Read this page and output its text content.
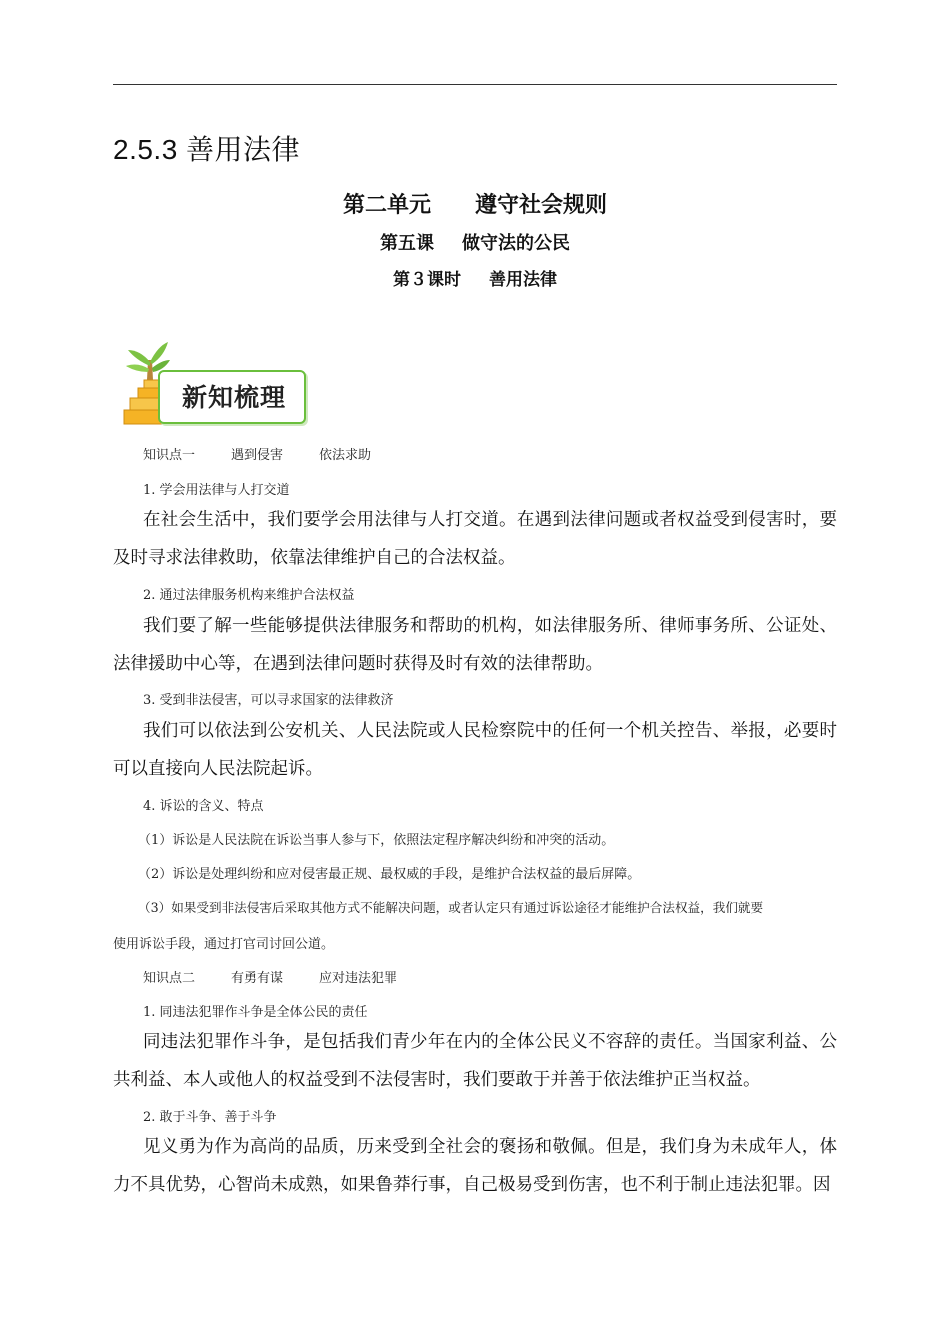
2.5.3 善用法律
第二单元 遵守社会规则
第五课 做守法的公民
第３课时 善用法律
新知梳理
知识点一	遇到侵害	依法求助
1. 学会用法律与人打交道
在社会生活中，我们要学会用法律与人打交道。在遇到法律问题或者权益受到侵害时，要及时寻求法律救助，依靠法律维护自己的合法权益。
2. 通过法律服务机构来维护合法权益
我们要了解一些能够提供法律服务和帮助的机构，如法律服务所、律师事务所、公证处、法律援助中心等，在遇到法律问题时获得及时有效的法律帮助。
3. 受到非法侵害，可以寻求国家的法律救济
我们可以依法到公安机关、人民法院或人民检察院中的任何一个机关控告、举报，必要时可以直接向人民法院起诉。
4. 诉讼的含义、特点
（1）诉讼是人民法院在诉讼当事人参与下，依照法定程序解决纠纷和冲突的活动。
（2）诉讼是处理纠纷和应对侵害最正规、最权威的手段，是维护合法权益的最后屏障。
（3）如果受到非法侵害后采取其他方式不能解决问题，或者认定只有通过诉讼途径才能维护合法权益，我们就要
使用诉讼手段，通过打官司讨回公道。
知识点二	有勇有谋	应对违法犯罪
1. 同违法犯罪作斗争是全体公民的责任
同违法犯罪作斗争，是包括我们青少年在内的全体公民义不容辞的责任。当国家利益、公共利益、本人或他人的权益受到不法侵害时，我们要敢于并善于依法维护正当权益。
2. 敢于斗争、善于斗争
见义勇为作为高尚的品质，历来受到全社会的褒扬和敬佩。但是，我们身为未成年人，体力不具优势，心智尚未成熟，如果鲁莽行事，自己极易受到伤害，也不利于制止违法犯罪。因
